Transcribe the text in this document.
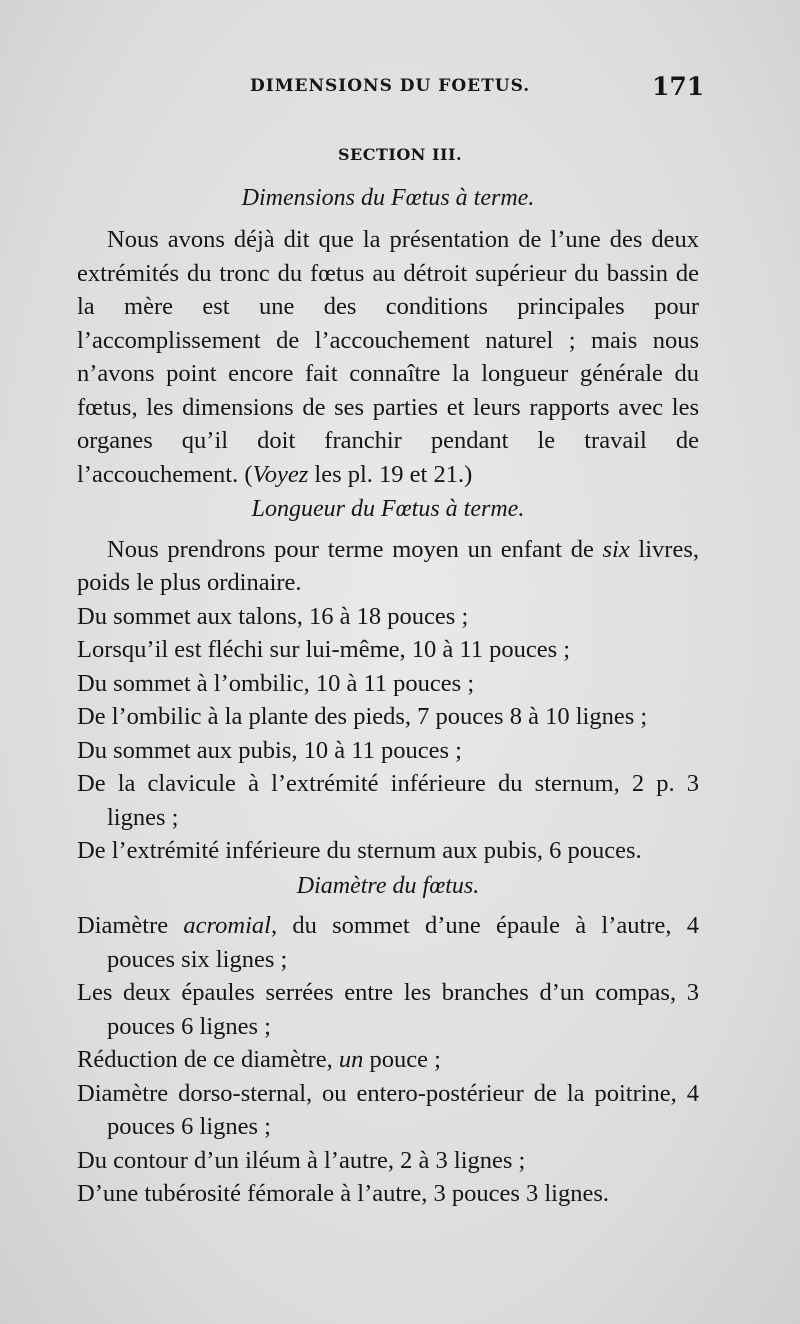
DIMENSIONS DU FOETUS.	171
SECTION III.
Dimensions du Fœtus à terme.

Nous avons déjà dit que la présentation de l’une des deux extrémités du tronc du fœtus au détroit supérieur du bassin de la mère est une des conditions principales pour l’accomplissement de l’accouchement naturel ; mais nous n’avons point encore fait connaître la longueur générale du fœtus, les dimensions de ses parties et leurs rapports avec les organes qu’il doit franchir pendant le travail de l’accouchement. (Voyez les pl. 19 et 21.)

Longueur du Fœtus à terme.

Nous prendrons pour terme moyen un enfant de six livres, poids le plus ordinaire.

Du sommet aux talons, 16 à 18 pouces ;

Lorsqu’il est fléchi sur lui-même, 10 à 11 pouces ;

Du sommet à l’ombilic, 10 à 11 pouces ;

De l’ombilic à la plante des pieds, 7 pouces 8 à 10 lignes ;

Du sommet aux pubis, 10 à 11 pouces ;

De la clavicule à l’extrémité inférieure du sternum, 2 p. 3 lignes ;

De l’extrémité inférieure du sternum aux pubis, 6 pouces.

Diamètre du fœtus.

Diamètre acromial, du sommet d’une épaule à l’autre, 4 pouces six lignes ;

Les deux épaules serrées entre les branches d’un compas, 3 pouces 6 lignes ;

Réduction de ce diamètre, un pouce ;

Diamètre dorso-sternal, ou entero-postérieur de la poitrine, 4 pouces 6 lignes ;

Du contour d’un iléum à l’autre, 2 à 3 lignes ;

D’une tubérosité fémorale à l’autre, 3 pouces 3 lignes.
